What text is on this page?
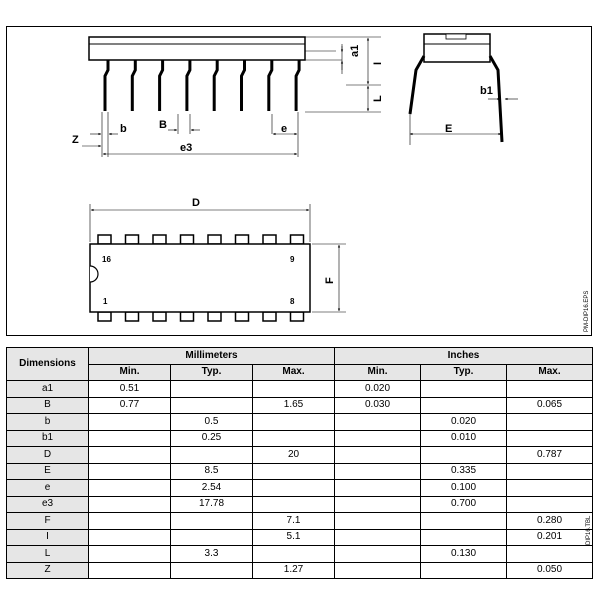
a1
I
L
Z
b	B	e
e3
b1
E
D
F
16	9
1	8	PM-DIP16.EPS
Dimensions	Millimeters			Inches		
	Min.	Typ.	Max.	Min.	Typ.	Max.
a1	0.51			0.020		
B	0.77		1.65	0.030		0.065
b		0.5			0.020	
b1		0.25			0.010	
D			20			0.787
E		8.5			0.335	
e		2.54			0.100	
e3		17.78			0.700	
F			7.1			0.280
I			5.1			0.201
L		3.3			0.130	
Z			1.27			0.050
DIP16.TBL
